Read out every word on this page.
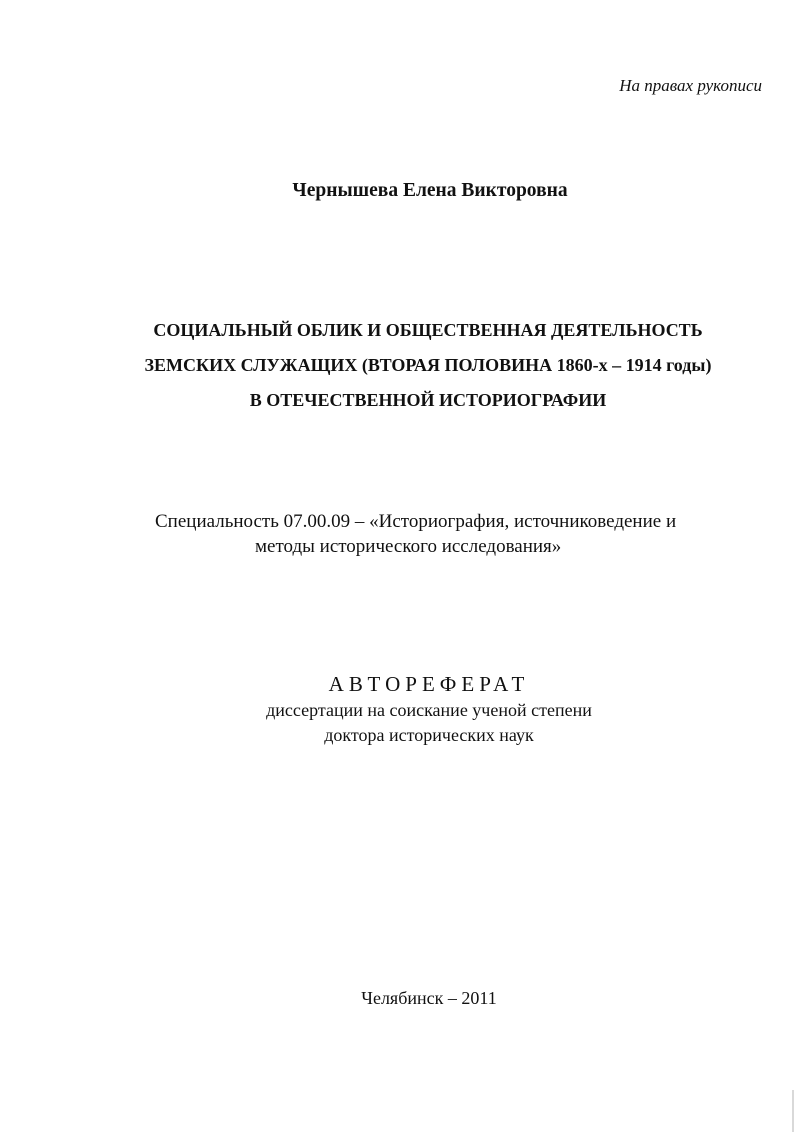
На правах рукописи
Чернышева Елена Викторовна
СОЦИАЛЬНЫЙ ОБЛИК И ОБЩЕСТВЕННАЯ ДЕЯТЕЛЬНОСТЬ
ЗЕМСКИХ СЛУЖАЩИХ (ВТОРАЯ ПОЛОВИНА 1860-х – 1914 годы)
В ОТЕЧЕСТВЕННОЙ ИСТОРИОГРАФИИ
Специальность 07.00.09 – «Историография, источниковедение и
методы исторического исследования»
АВТОРЕФЕРАТ
диссертации на соискание ученой степени
доктора исторических наук
Челябинск – 2011
